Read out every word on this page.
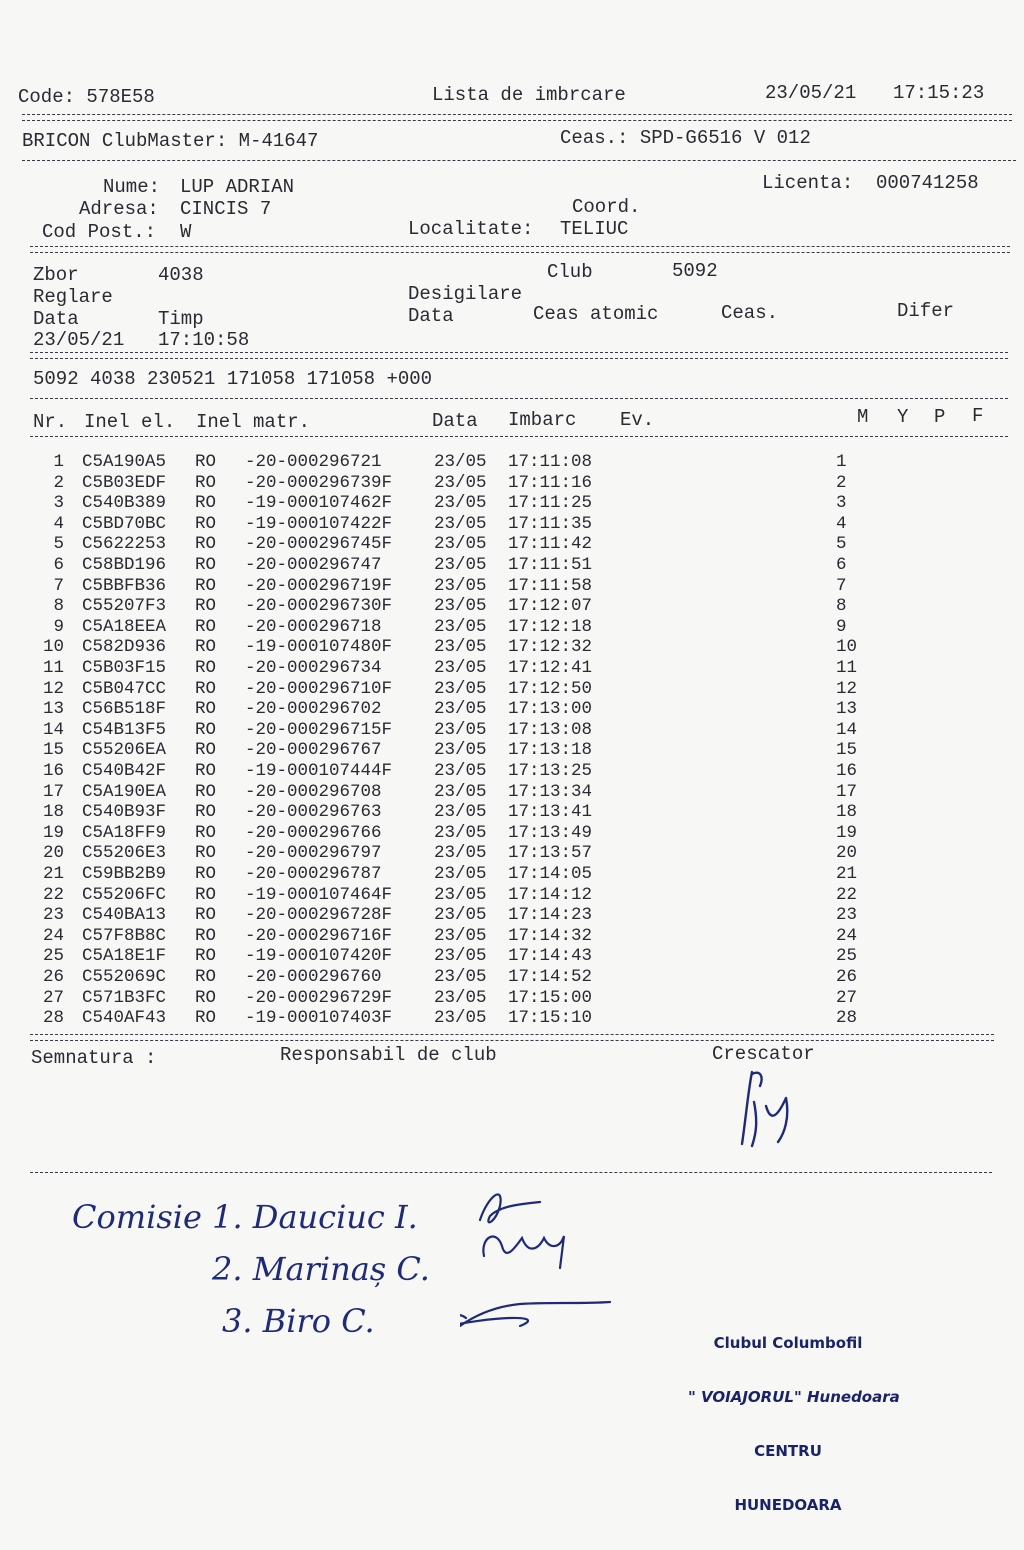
Code: 578E58	Lista de imbrcare	23/05/21 17:15:23
BRICON ClubMaster: M-41647	Ceas.: SPD-G6516 V 012
Nume: LUP ADRIAN	Licenta: 000741258
Adresa: CINCIS 7	Coord.
Cod Post.: W	Localitate: TELIUC
Zbor	4038	Club	5092
Reglare	Desigilare
Data	Timp	Data	Ceas atomic	Ceas.	Difer
23/05/21 17:10:58
5092 4038 230521 171058 171058 +000
Nr. Inel el. Inel matr.	Data Imbarc Ev.	M Y P F
1 C5A190A5 RO -20-000296721	23/05 17:11:08	1
2 C5B03EDF RO -20-000296739F 23/05 17:11:16	2
3 C540B389 RO -19-000107462F 23/05 17:11:25	3
4 C5BD70BC RO -19-000107422F 23/05 17:11:35	4
5 C5622253 RO -20-000296745F 23/05 17:11:42	5
6 C58BD196 RO -20-000296747	23/05 17:11:51	6
7 C5BBFB36 RO -20-000296719F 23/05 17:11:58	7
8 C55207F3 RO -20-000296730F 23/05 17:12:07	8
9 C5A18EEA RO -20-000296718	23/05 17:12:18	9
10 C582D936 RO -19-000107480F 23/05 17:12:32	10
11 C5B03F15 RO -20-000296734	23/05 17:12:41	11
12 C5B047CC RO -20-000296710F 23/05 17:12:50	12
13 C56B518F RO -20-000296702	23/05 17:13:00	13
14 C54B13F5 RO -20-000296715F 23/05 17:13:08	14
15 C55206EA RO -20-000296767	23/05 17:13:18	15
16 C540B42F RO -19-000107444F 23/05 17:13:25	16
17 C5A190EA RO -20-000296708	23/05 17:13:34	17
18 C540B93F RO -20-000296763	23/05 17:13:41	18
19 C5A18FF9 RO -20-000296766	23/05 17:13:49	19
20 C55206E3 RO -20-000296797	23/05 17:13:57	20
21 C59BB2B9 RO -20-000296787	23/05 17:14:05	21
22 C55206FC RO -19-000107464F 23/05 17:14:12	22
23 C540BA13 RO -20-000296728F 23/05 17:14:23	23
24 C57F8B8C RO -20-000296716F 23/05 17:14:32	24
25 C5A18E1F RO -19-000107420F 23/05 17:14:43	25
26 C552069C RO -20-000296760	23/05 17:14:52	26
27 C571B3FC RO -20-000296729F 23/05 17:15:00	27
28 C540AF43 RO -19-000107403F 23/05 17:15:10	28
Semnatura :	Responsabil de club	Crescator
Comisie 1. Dauciuc I.
2. Marinaș C.
3. Biro C.

Clubul Columbofil

" VOIAJORUL" Hunedoara

CENTRU

HUNEDOARA
